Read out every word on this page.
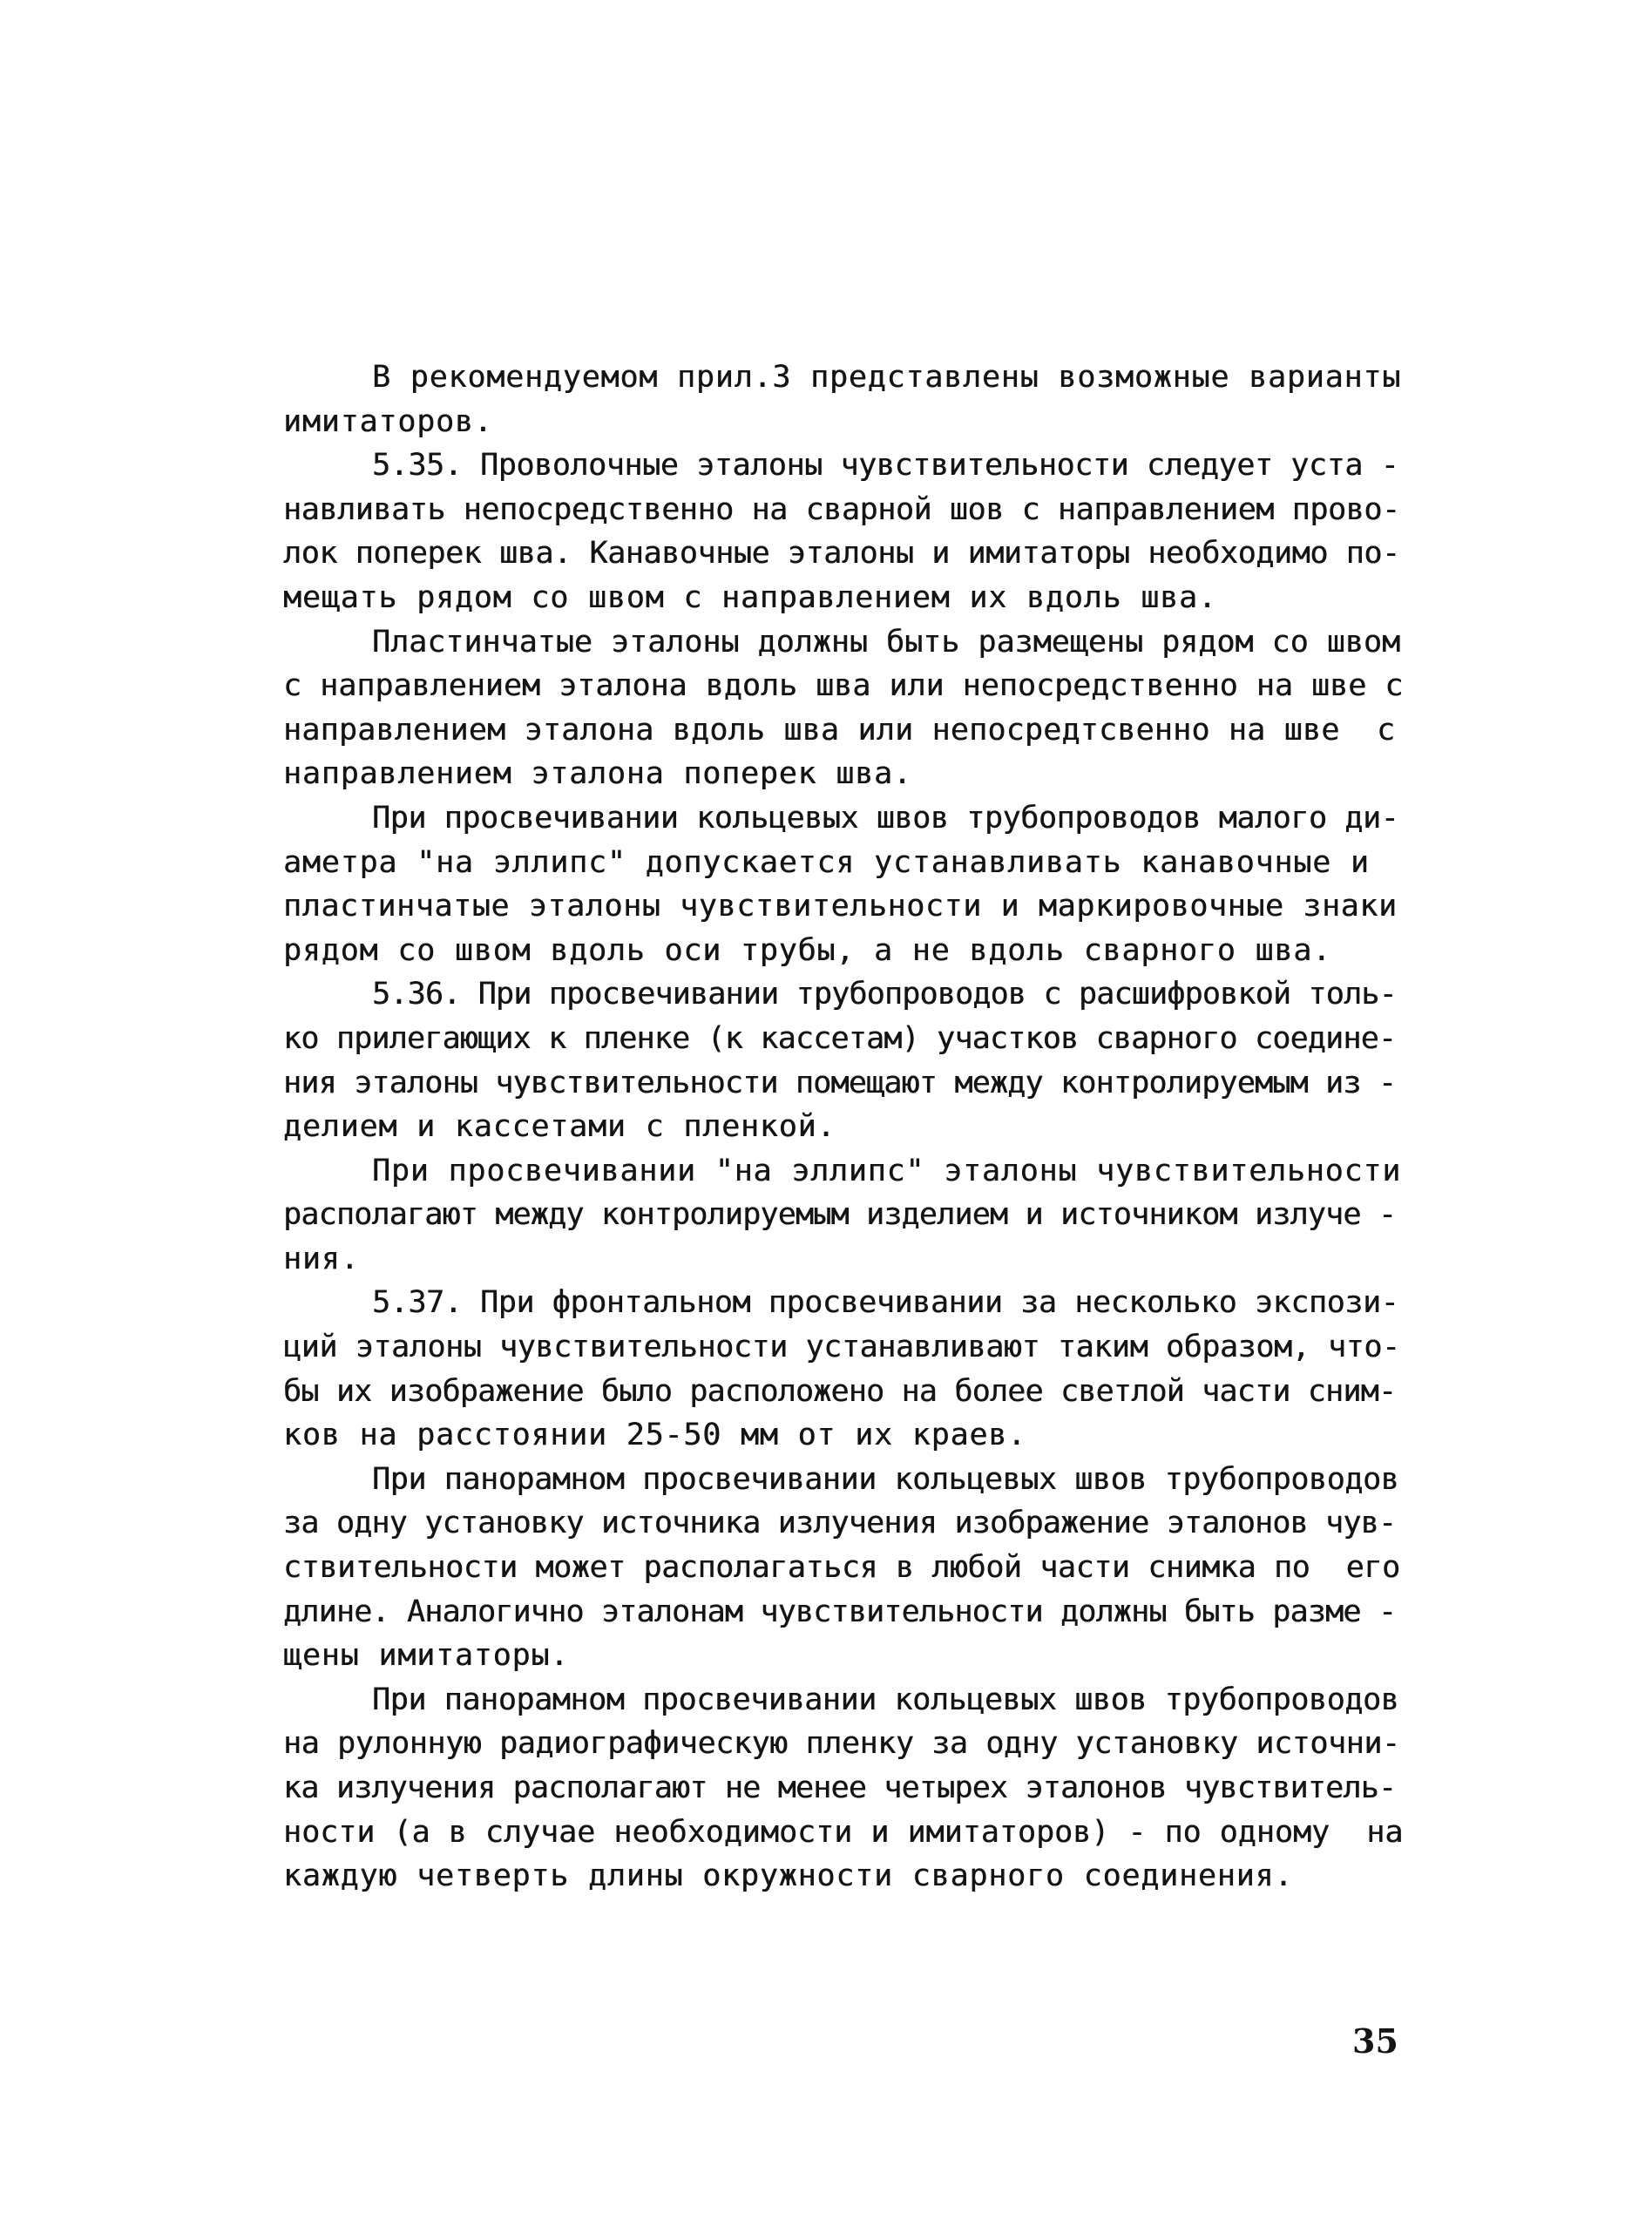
В рекомендуемом прил.3 представлены возможные варианты
имитаторов.
5.35. Проволочные эталоны чувствительности следует уста -
навливать непосредственно на сварной шов с направлением прово-
лок поперек шва. Канавочные эталоны и имитаторы необходимо по-
мещать рядом со швом с направлением их вдоль шва.
Пластинчатые эталоны должны быть размещены рядом со швом
с направлением эталона вдоль шва или непосредственно на шве с
направлением эталона вдоль шва или непосредтсвенно на шве  с
направлением эталона поперек шва.
При просвечивании кольцевых швов трубопроводов малого ди-
аметра "на эллипс" допускается устанавливать канавочные и
пластинчатые эталоны чувствительности и маркировочные знаки
рядом со швом вдоль оси трубы, а не вдоль сварного шва.
5.36. При просвечивании трубопроводов с расшифровкой толь-
ко прилегающих к пленке (к кассетам) участков сварного соедине-
ния эталоны чувствительности помещают между контролируемым из -
делием и кассетами с пленкой.
При просвечивании "на эллипс" эталоны чувствительности
располагают между контролируемым изделием и источником излуче -
ния.
5.37. При фронтальном просвечивании за несколько экспози-
ций эталоны чувствительности устанавливают таким образом, что-
бы их изображение было расположено на более светлой части сним-
ков на расстоянии 25-50 мм от их краев.
При панорамном просвечивании кольцевых швов трубопроводов
за одну установку источника излучения изображение эталонов чув-
ствительности может располагаться в любой части снимка по  его
длине. Аналогично эталонам чувствительности должны быть разме -
щены имитаторы.
При панорамном просвечивании кольцевых швов трубопроводов
на рулонную радиографическую пленку за одну установку источни-
ка излучения располагают не менее четырех эталонов чувствитель-
ности (а в случае необходимости и имитаторов) - по одному  на
каждую четверть длины окружности сварного соединения.
35
